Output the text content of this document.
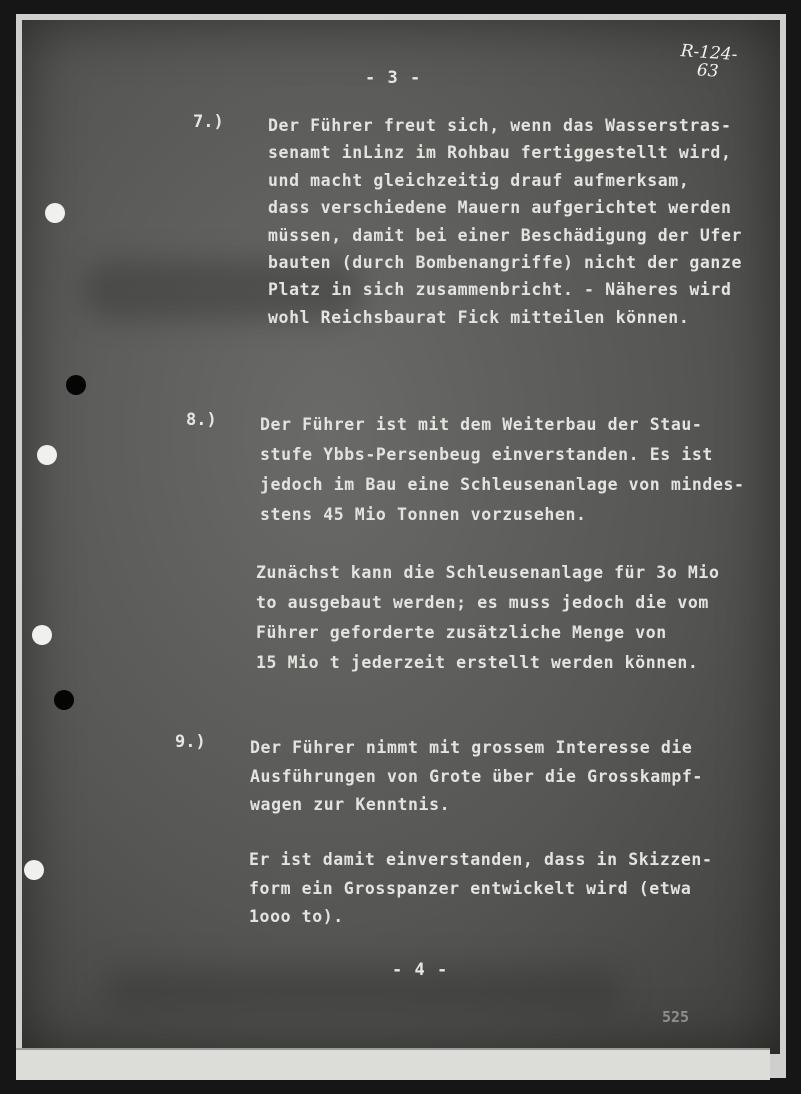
- 3 -
R-124-
63
7.)	Der Führer freut sich, wenn das Wasserstras-
senamt inLinz im Rohbau fertiggestellt wird,
und macht gleichzeitig drauf aufmerksam,
dass verschiedene Mauern aufgerichtet werden
müssen, damit bei einer Beschädigung der Ufer
bauten (durch Bombenangriffe) nicht der ganze
Platz in sich zusammenbricht. - Näheres wird
wohl Reichsbaurat Fick mitteilen können.
8.)	Der Führer ist mit dem Weiterbau der Stau-
stufe Ybbs-Persenbeug einverstanden. Es ist
jedoch im Bau eine Schleusenanlage von mindes-
stens 45 Mio Tonnen vorzusehen.
Zunächst kann die Schleusenanlage für 3o Mio
to ausgebaut werden; es muss jedoch die vom
Führer geforderte zusätzliche Menge von
15 Mio t jederzeit erstellt werden können.
9.)	Der Führer nimmt mit grossem Interesse die
Ausführungen von Grote über die Grosskampf-
wagen zur Kenntnis.
Er ist damit einverstanden, dass in Skizzen-
form ein Grosspanzer entwickelt wird (etwa
1ooo to).
- 4 -
525
